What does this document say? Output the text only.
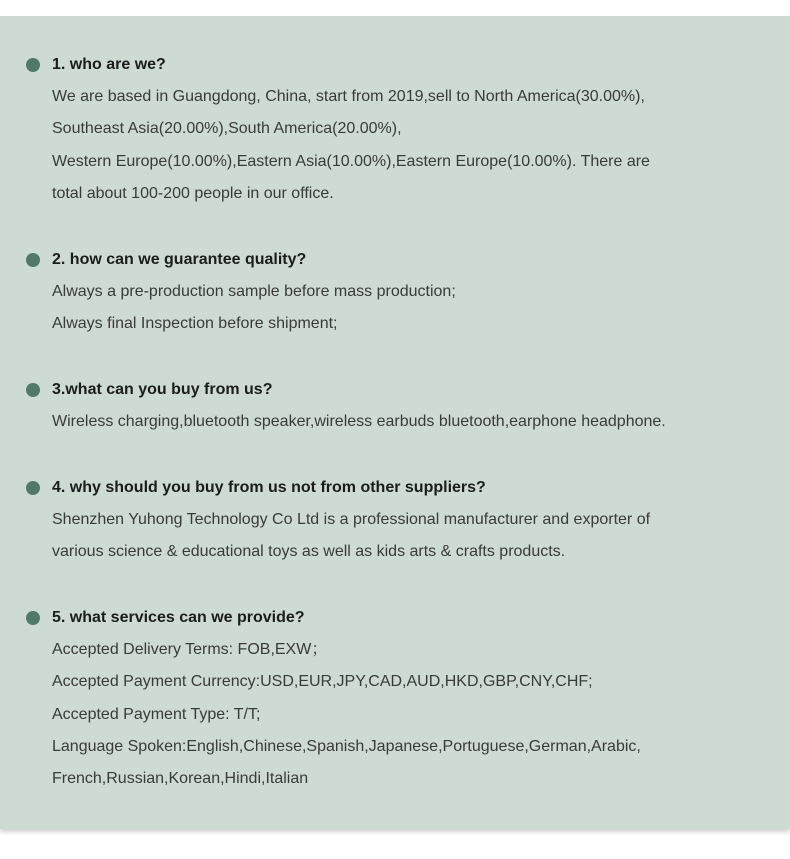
1. who are we?
We are based in Guangdong, China, start from 2019,sell to North America(30.00%),
Southeast Asia(20.00%),South America(20.00%),
Western Europe(10.00%),Eastern Asia(10.00%),Eastern Europe(10.00%). There are
total about 100-200 people in our office.
2. how can we guarantee quality?
Always a pre-production sample before mass production;
Always final Inspection before shipment;
3.what can you buy from us?
Wireless charging,bluetooth speaker,wireless earbuds bluetooth,earphone headphone.
4. why should you buy from us not from other suppliers?
Shenzhen Yuhong Technology Co Ltd is a professional manufacturer and exporter of
various science & educational toys as well as kids arts & crafts products.
5. what services can we provide?
Accepted Delivery Terms: FOB,EXW；
Accepted Payment Currency:USD,EUR,JPY,CAD,AUD,HKD,GBP,CNY,CHF;
Accepted Payment Type: T/T;
Language Spoken:English,Chinese,Spanish,Japanese,Portuguese,German,Arabic,
French,Russian,Korean,Hindi,Italian
